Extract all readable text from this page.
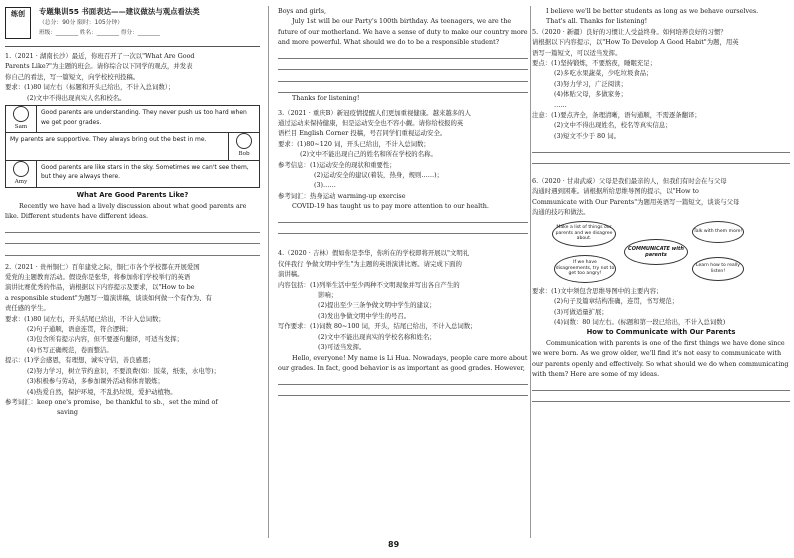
练创	专题集训55 书面表达——建议做法与观点看法类
（总分：90分 限时：105分钟）
班级：________ 姓名：________ 得分：________

1.（2021 · 湖南长沙）最近，你班召开了一次以"What Are Good

Parents Like?"为主题的班会。请你综合以下同学的观点，并发表

你自己的看法，写一篇短文，向学校校刊投稿。

要求：(1)80 词左右（标题和开头已给出，不计入总词数）；

(2)文中不得出现真实人名和校名。

Sam
Good parents are understanding. They never push us too hard when we get poor grades.
My parents are supportive. They always bring out the best in me.
Bob
Amy
Good parents are like stars in the sky. Sometimes we can't see them, but they are always there.

What Are Good Parents Like?

Recently we have had a lively discussion about what good parents are like. Different students have different ideas.

2.（2021 · 贵州铜仁）百年建党之际，铜仁市各个学校都在开展爱国

爱党的主题教育活动。假设你是张华，将参加你们学校举行的英语

演讲比赛优秀的作品，请根据以下内容提示及要求，以"How to be

a responsible student"为题写一篇演讲稿，谈谈如何做一个有作为、有

责任感的学生。

要求：(1)80 词左右，开头结尾已给出，不计入总词数；

(2)句子通顺，语意连贯，符合逻辑；

(3)包含所有提示内容，但不要逐句翻译，可适当发挥；

(4)书写正确规范，卷面整洁。

提示：(1)学会感恩，有理想，诚实守信，善良感恩；

(2)努力学习，树立节约意识，不要浪费(如：饭菜，纸张，水电等)；

(3)积极参与劳动，多参加课外活动和体育锻炼；

(4)热爱自然，保护环境，不乱扔垃圾，爱护动植物。

参考词汇：keep one's promise，be thankful to sb.，set the mind of

saving

Boys and girls,

July 1st will be our Party's 100th birthday. As teenagers, we are the future of our motherland. We have a sense of duty to make our country more and more powerful. What should we do to be a responsible student?

Thanks for listening!

3.（2021 · 重庆B）新冠疫情提醒人们更加重视健康。越来越多的人

通过运动来保持健康，但是运动安全也不容小觑。请你给校报的英

语栏目 English Corner 投稿，号召同学们重视运动安全。

要求：(1)80~120 词，开头已给出，不计入总词数；

(2)文中不能出现自己的姓名和所在学校的名称。

参考信息：(1)运动安全的现状和重要性；

(2)运动安全的建议(着装，热身，规则……)；

(3)……

参考词汇：热身运动 warming-up exercise

COVID-19 has taught us to pay more attention to our health.

4.（2020 · 吉林）假如你是李华，你所在的学校即将开展以"文明礼

仪伴我行 争做文明中学生"为主题的英语演讲比赛。请完成下面的

演讲稿。

内容包括：(1)列举生活中至少两种不文明现象并写出各自产生的

影响；

(2)提出至少三条争做文明中学生的建议；

(3)发出争做文明中学生的号召。

写作要求：(1)词数 80~100 词，开头，结尾已给出，不计入总词数；

(2)文中不能出现真实的学校名称和姓名；

(3)可适当发挥。

Hello, everyone! My name is Li Hua. Nowadays, people care more about our grades. In fact, good behavior is as important as good grades. However,

I believe we'll be better students as long as we behave ourselves.

That's all. Thanks for listening!

5.（2020 · 新疆）良好的习惯让人受益终身。如何培养良好的习惯？

请根据以下内容提示，以"How To Develop A Good Habit"为题，用英

语写一篇短文，可以适当发挥。

要点：(1)坚持锻炼，不要熬夜，睡眠充足；

(2)多吃水果蔬菜，少吃垃圾食品；

(3)努力学习，广泛阅读；

(4)体贴父母，多做家务；

……

注意：(1)要点齐全，条理清晰，语句通顺，不需逐条翻译；

(2)文中不得出现姓名，校名等真实信息；

(3)短文不少于 80 词。

6.（2020 · 甘肃武威）父母是我们最亲的人，但我们有时会在与父母

沟通时遇到困难。请根据所给思维导图的提示，以"How to

Communicate with Our Parents"为题用英语写一篇短文，谈谈与父母

沟通的技巧和做法。

COMMUNICATE with parents
Make a list of things our parents and we disagree about.
Talk with them more!
If we have disagreements, try not to get too angry!
Learn how to really listen!

要求：(1)文中须包含思维导图中的主要内容；

(2)句子及篇章结构准确，连贯，书写规范；

(3)可做适量扩展；

(4)词数：80 词左右。(标题和第一段已给出，不计入总词数)

How to Communicate with Our Parents

Communication with parents is one of the first things we have done since we were born. As we grow older, we'll find it's not easy to communicate with our parents openly and effectively. So what should we do when communicating with them? Here are some of my ideas.

89
